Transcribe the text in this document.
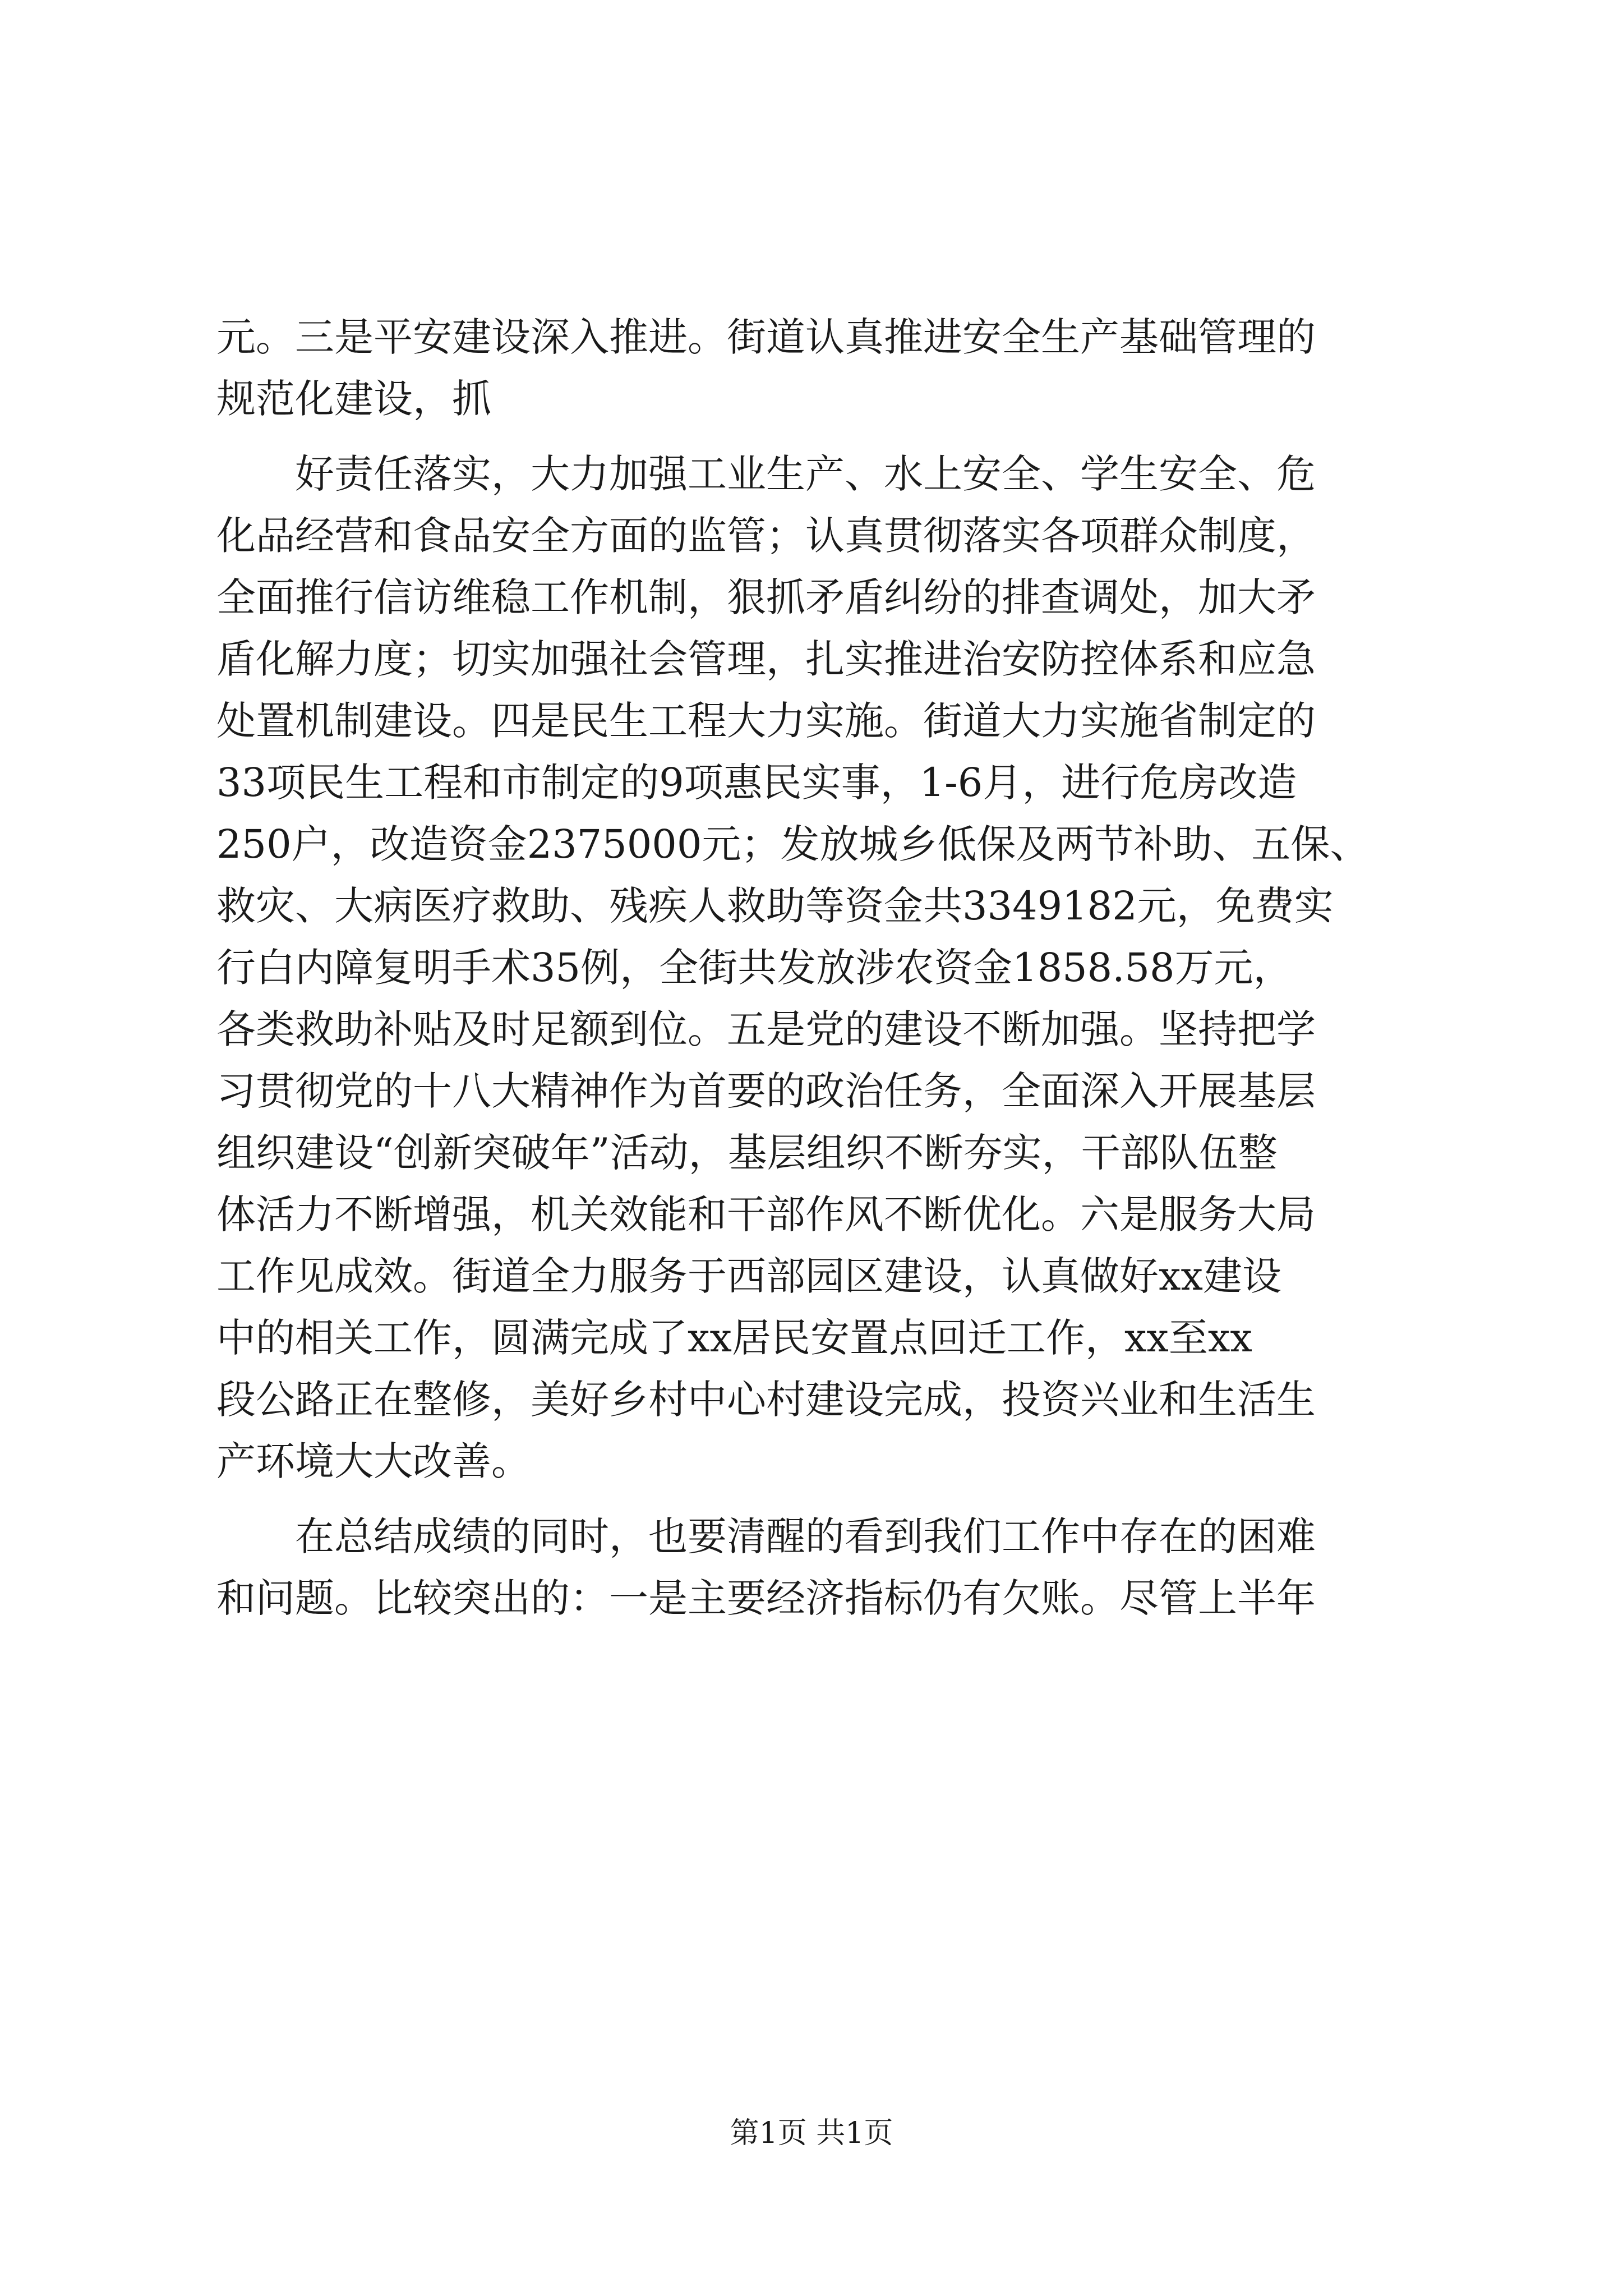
元。三是平安建设深入推进。街道认真推进安全生产基础管理的
规范化建设，抓
　　好责任落实，大力加强工业生产、水上安全、学生安全、危
化品经营和食品安全方面的监管；认真贯彻落实各项群众制度，
全面推行信访维稳工作机制，狠抓矛盾纠纷的排查调处，加大矛
盾化解力度；切实加强社会管理，扎实推进治安防控体系和应急
处置机制建设。四是民生工程大力实施。街道大力实施省制定的
33项民生工程和市制定的9项惠民实事，1-6月，进行危房改造
250户，改造资金2375000元；发放城乡低保及两节补助、五保、
救灾、大病医疗救助、残疾人救助等资金共3349182元，免费实
行白内障复明手术35例，全街共发放涉农资金1858.58万元，
各类救助补贴及时足额到位。五是党的建设不断加强。坚持把学
习贯彻党的十八大精神作为首要的政治任务，全面深入开展基层
组织建设“创新突破年”活动，基层组织不断夯实，干部队伍整
体活力不断增强，机关效能和干部作风不断优化。六是服务大局
工作见成效。街道全力服务于西部园区建设，认真做好xx建设
中的相关工作，圆满完成了xx居民安置点回迁工作，xx至xx
段公路正在整修，美好乡村中心村建设完成，投资兴业和生活生
产环境大大改善。
　　在总结成绩的同时，也要清醒的看到我们工作中存在的困难
和问题。比较突出的：一是主要经济指标仍有欠账。尽管上半年
第1页 共1页
